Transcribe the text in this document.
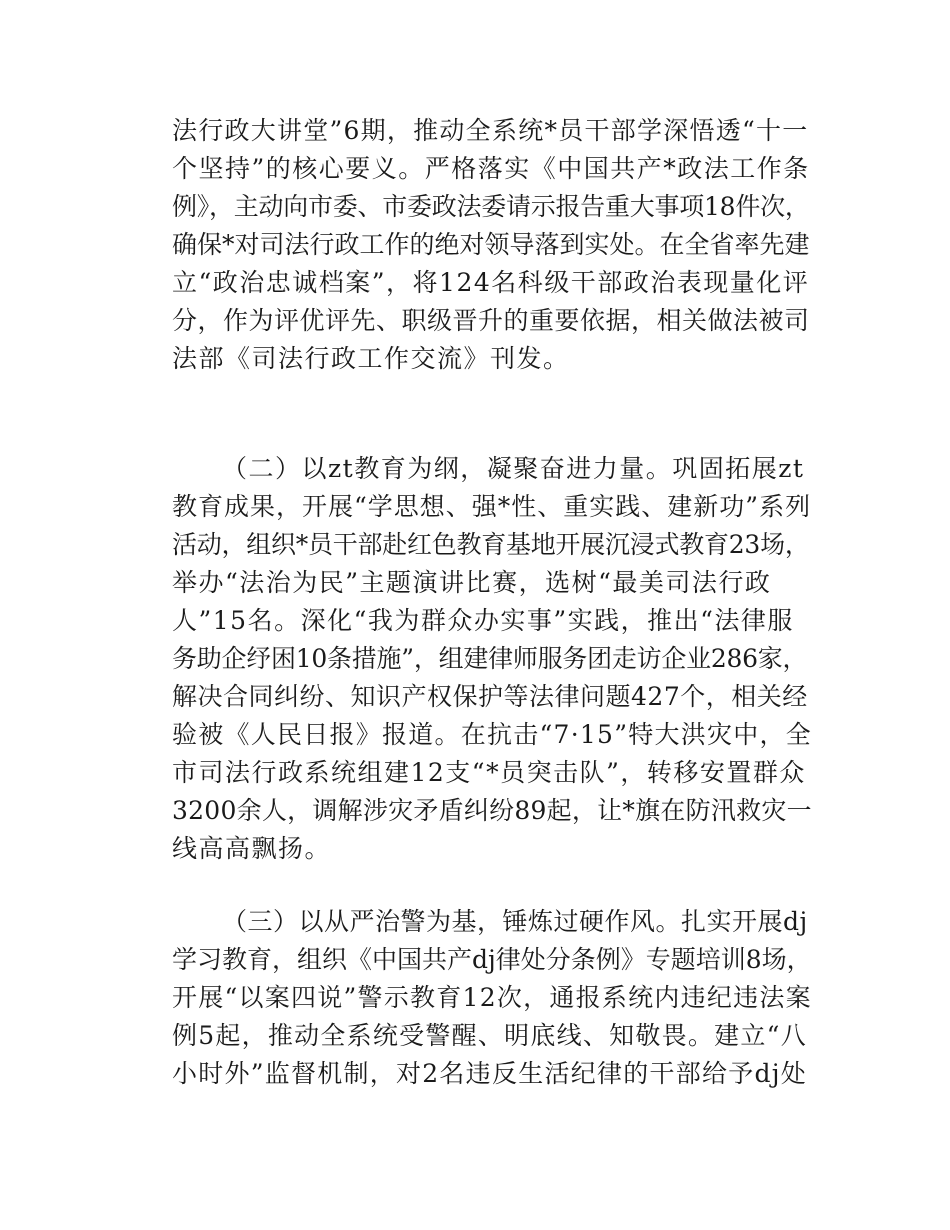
法行政大讲堂”6期，推动全系统*员干部学深悟透“十一
个坚持”的核心要义。严格落实《中国共产*政法工作条
例》，主动向市委、市委政法委请示报告重大事项18件次，
确保*对司法行政工作的绝对领导落到实处。在全省率先建
立“政治忠诚档案”，将124名科级干部政治表现量化评
分，作为评优评先、职级晋升的重要依据，相关做法被司
法部《司法行政工作交流》刊发。
（二）以zt教育为纲，凝聚奋进力量。巩固拓展zt
教育成果，开展“学思想、强*性、重实践、建新功”系列
活动，组织*员干部赴红色教育基地开展沉浸式教育23场，
举办“法治为民”主题演讲比赛，选树“最美司法行政
人”15名。深化“我为群众办实事”实践，推出“法律服
务助企纾困10条措施”，组建律师服务团走访企业286家，
解决合同纠纷、知识产权保护等法律问题427个，相关经
验被《人民日报》报道。在抗击“7·15”特大洪灾中，全
市司法行政系统组建12支“*员突击队”，转移安置群众
3200余人，调解涉灾矛盾纠纷89起，让*旗在防汛救灾一
线高高飘扬。
（三）以从严治警为基，锤炼过硬作风。扎实开展dj
学习教育，组织《中国共产dj律处分条例》专题培训8场，
开展“以案四说”警示教育12次，通报系统内违纪违法案
例5起，推动全系统受警醒、明底线、知敬畏。建立“八
小时外”监督机制，对2名违反生活纪律的干部给予dj处
